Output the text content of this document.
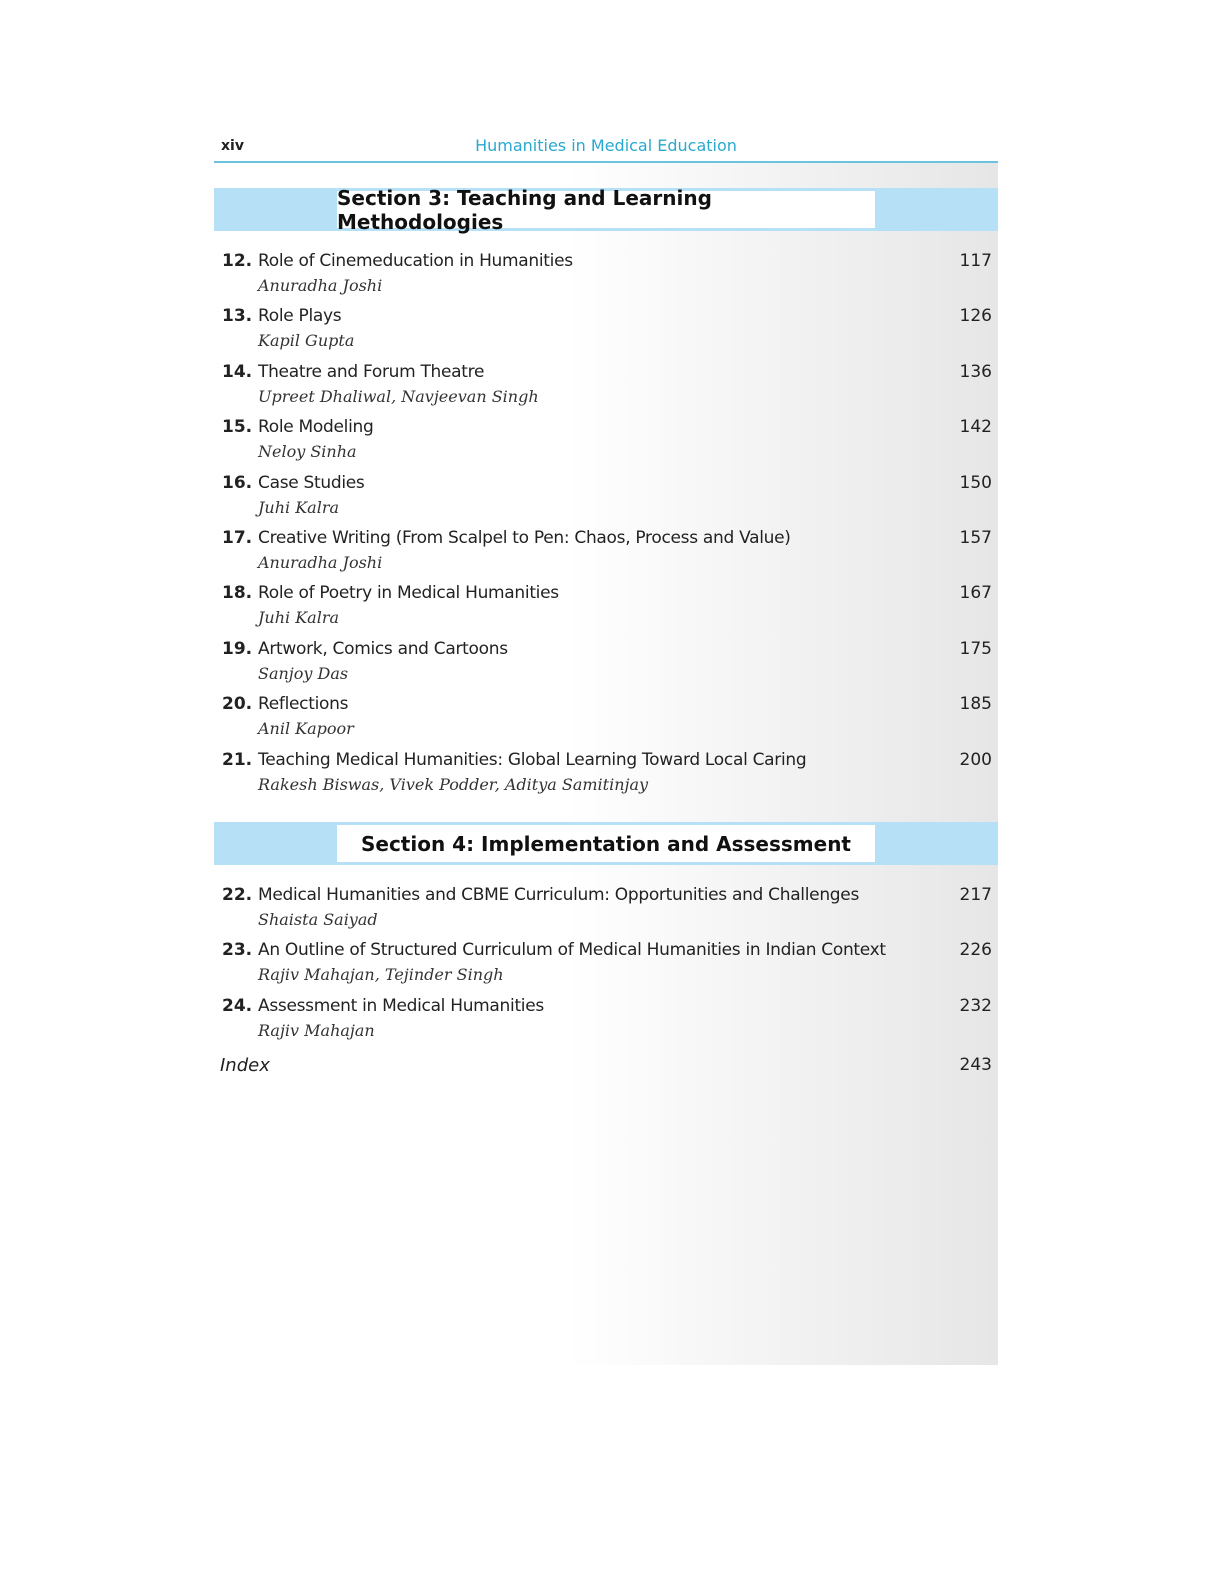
xiv	Humanities in Medical Education
Section 3: Teaching and Learning Methodologies
12. Role of Cinemeducation in Humanities
Anuradha Joshi
117
13. Role Plays
Kapil Gupta
126
14. Theatre and Forum Theatre
Upreet Dhaliwal, Navjeevan Singh
136
15. Role Modeling
Neloy Sinha
142
16. Case Studies
Juhi Kalra
150
17. Creative Writing (From Scalpel to Pen: Chaos, Process and Value)
Anuradha Joshi
157
18. Role of Poetry in Medical Humanities
Juhi Kalra
167
19. Artwork, Comics and Cartoons
Sanjoy Das
175
20. Reflections
Anil Kapoor
185
21. Teaching Medical Humanities: Global Learning Toward Local Caring
Rakesh Biswas, Vivek Podder, Aditya Samitinjay
200
Section 4: Implementation and Assessment
22. Medical Humanities and CBME Curriculum: Opportunities and Challenges
Shaista Saiyad
217
23. An Outline of Structured Curriculum of Medical Humanities in Indian Context
Rajiv Mahajan, Tejinder Singh
226
24. Assessment in Medical Humanities
Rajiv Mahajan
232
Index	243
